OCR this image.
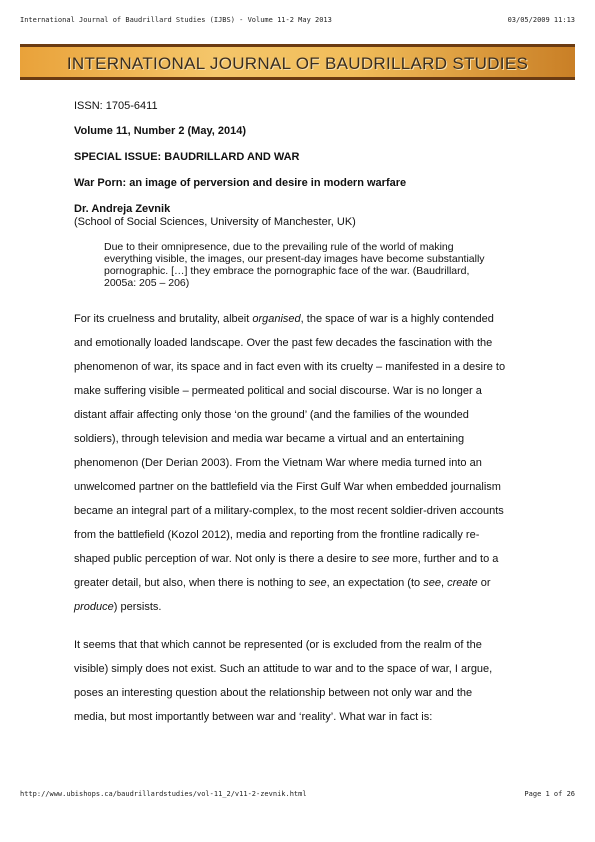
International Journal of Baudrillard Studies (IJBS) - Volume 11-2 May 2013	03/05/2009 11:13
INTERNATIONAL JOURNAL OF BAUDRILLARD STUDIES
ISSN: 1705-6411
Volume 11, Number 2 (May, 2014)
SPECIAL ISSUE: BAUDRILLARD AND WAR
War Porn: an image of perversion and desire in modern warfare
Dr. Andreja Zevnik
(School of Social Sciences, University of Manchester, UK)
Due to their omnipresence, due to the prevailing rule of the world of making everything visible, the images, our present-day images have become substantially pornographic. […] they embrace the pornographic face of the war. (Baudrillard, 2005a: 205 – 206)

For its cruelness and brutality, albeit organised, the space of war is a highly contended and emotionally loaded landscape. Over the past few decades the fascination with the phenomenon of war, its space and in fact even with its cruelty – manifested in a desire to make suffering visible – permeated political and social discourse. War is no longer a distant affair affecting only those ‘on the ground’ (and the families of the wounded soldiers), through television and media war became a virtual and an entertaining phenomenon (Der Derian 2003). From the Vietnam War where media turned into an unwelcomed partner on the battlefield via the First Gulf War when embedded journalism became an integral part of a military-complex, to the most recent soldier-driven accounts from the battlefield (Kozol 2012), media and reporting from the frontline radically re-shaped public perception of war. Not only is there a desire to see more, further and to a greater detail, but also, when there is nothing to see, an expectation (to see, create or produce) persists.

It seems that that which cannot be represented (or is excluded from the realm of the visible) simply does not exist. Such an attitude to war and to the space of war, I argue, poses an interesting question about the relationship between not only war and the media, but most importantly between war and ‘reality’. What war in fact is:

http://www.ubishops.ca/baudrillardstudies/vol-11_2/v11-2-zevnik.html	Page 1 of 26
